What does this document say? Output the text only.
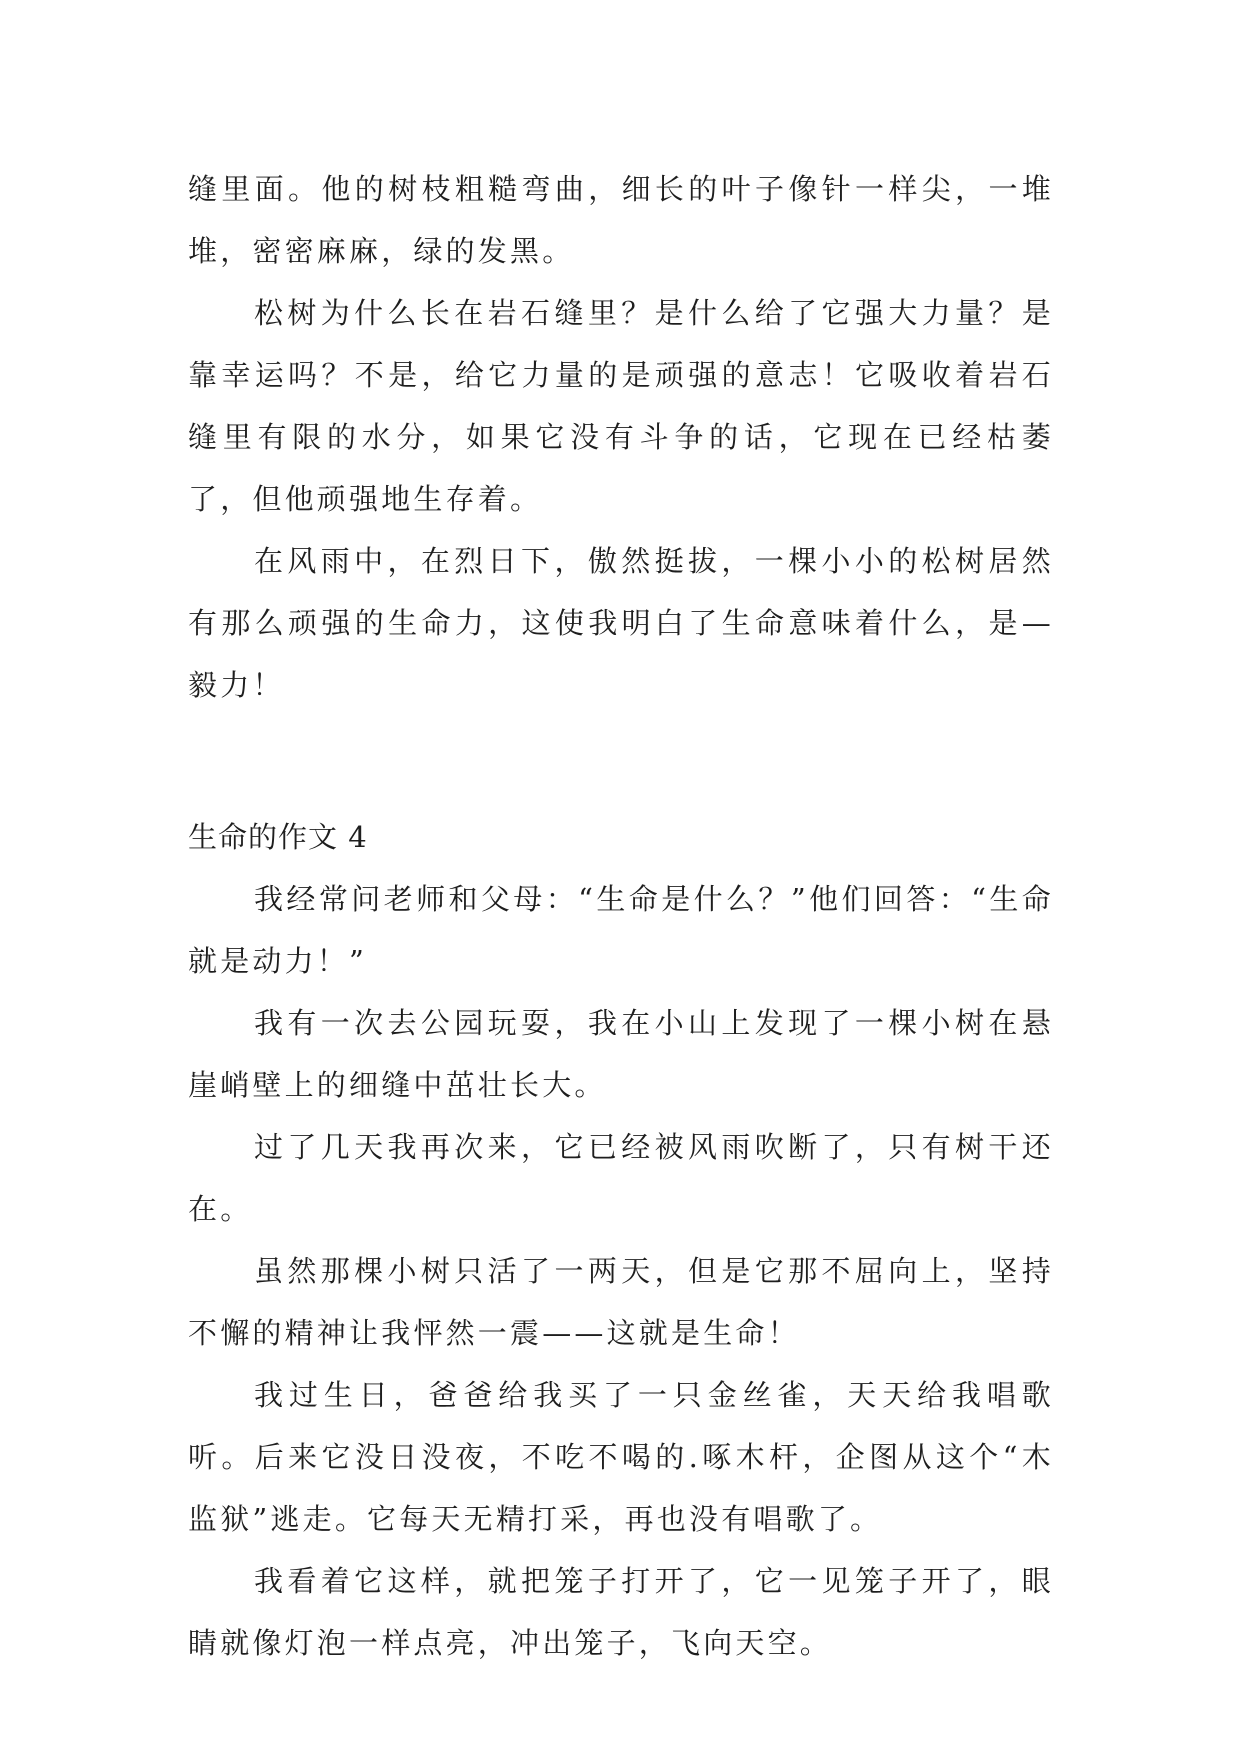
缝里面。他的树枝粗糙弯曲，细长的叶子像针一样尖，一堆堆，密密麻麻，绿的发黑。

松树为什么长在岩石缝里？是什么给了它强大力量？是靠幸运吗？不是，给它力量的是顽强的意志！它吸收着岩石缝里有限的水分，如果它没有斗争的话，它现在已经枯萎了，但他顽强地生存着。

在风雨中，在烈日下，傲然挺拔，一棵小小的松树居然有那么顽强的生命力，这使我明白了生命意味着什么，是—毅力！

生命的作文 4

我经常问老师和父母：“生命是什么？”他们回答：“生命就是动力！”

我有一次去公园玩耍，我在小山上发现了一棵小树在悬崖峭壁上的细缝中茁壮长大。

过了几天我再次来，它已经被风雨吹断了，只有树干还在。

虽然那棵小树只活了一两天，但是它那不屈向上，坚持不懈的精神让我怦然一震——这就是生命！

我过生日，爸爸给我买了一只金丝雀，天天给我唱歌听。后来它没日没夜，不吃不喝的.啄木杆，企图从这个“木监狱”逃走。它每天无精打采，再也没有唱歌了。

我看着它这样，就把笼子打开了，它一见笼子开了，眼睛就像灯泡一样点亮，冲出笼子，飞向天空。
